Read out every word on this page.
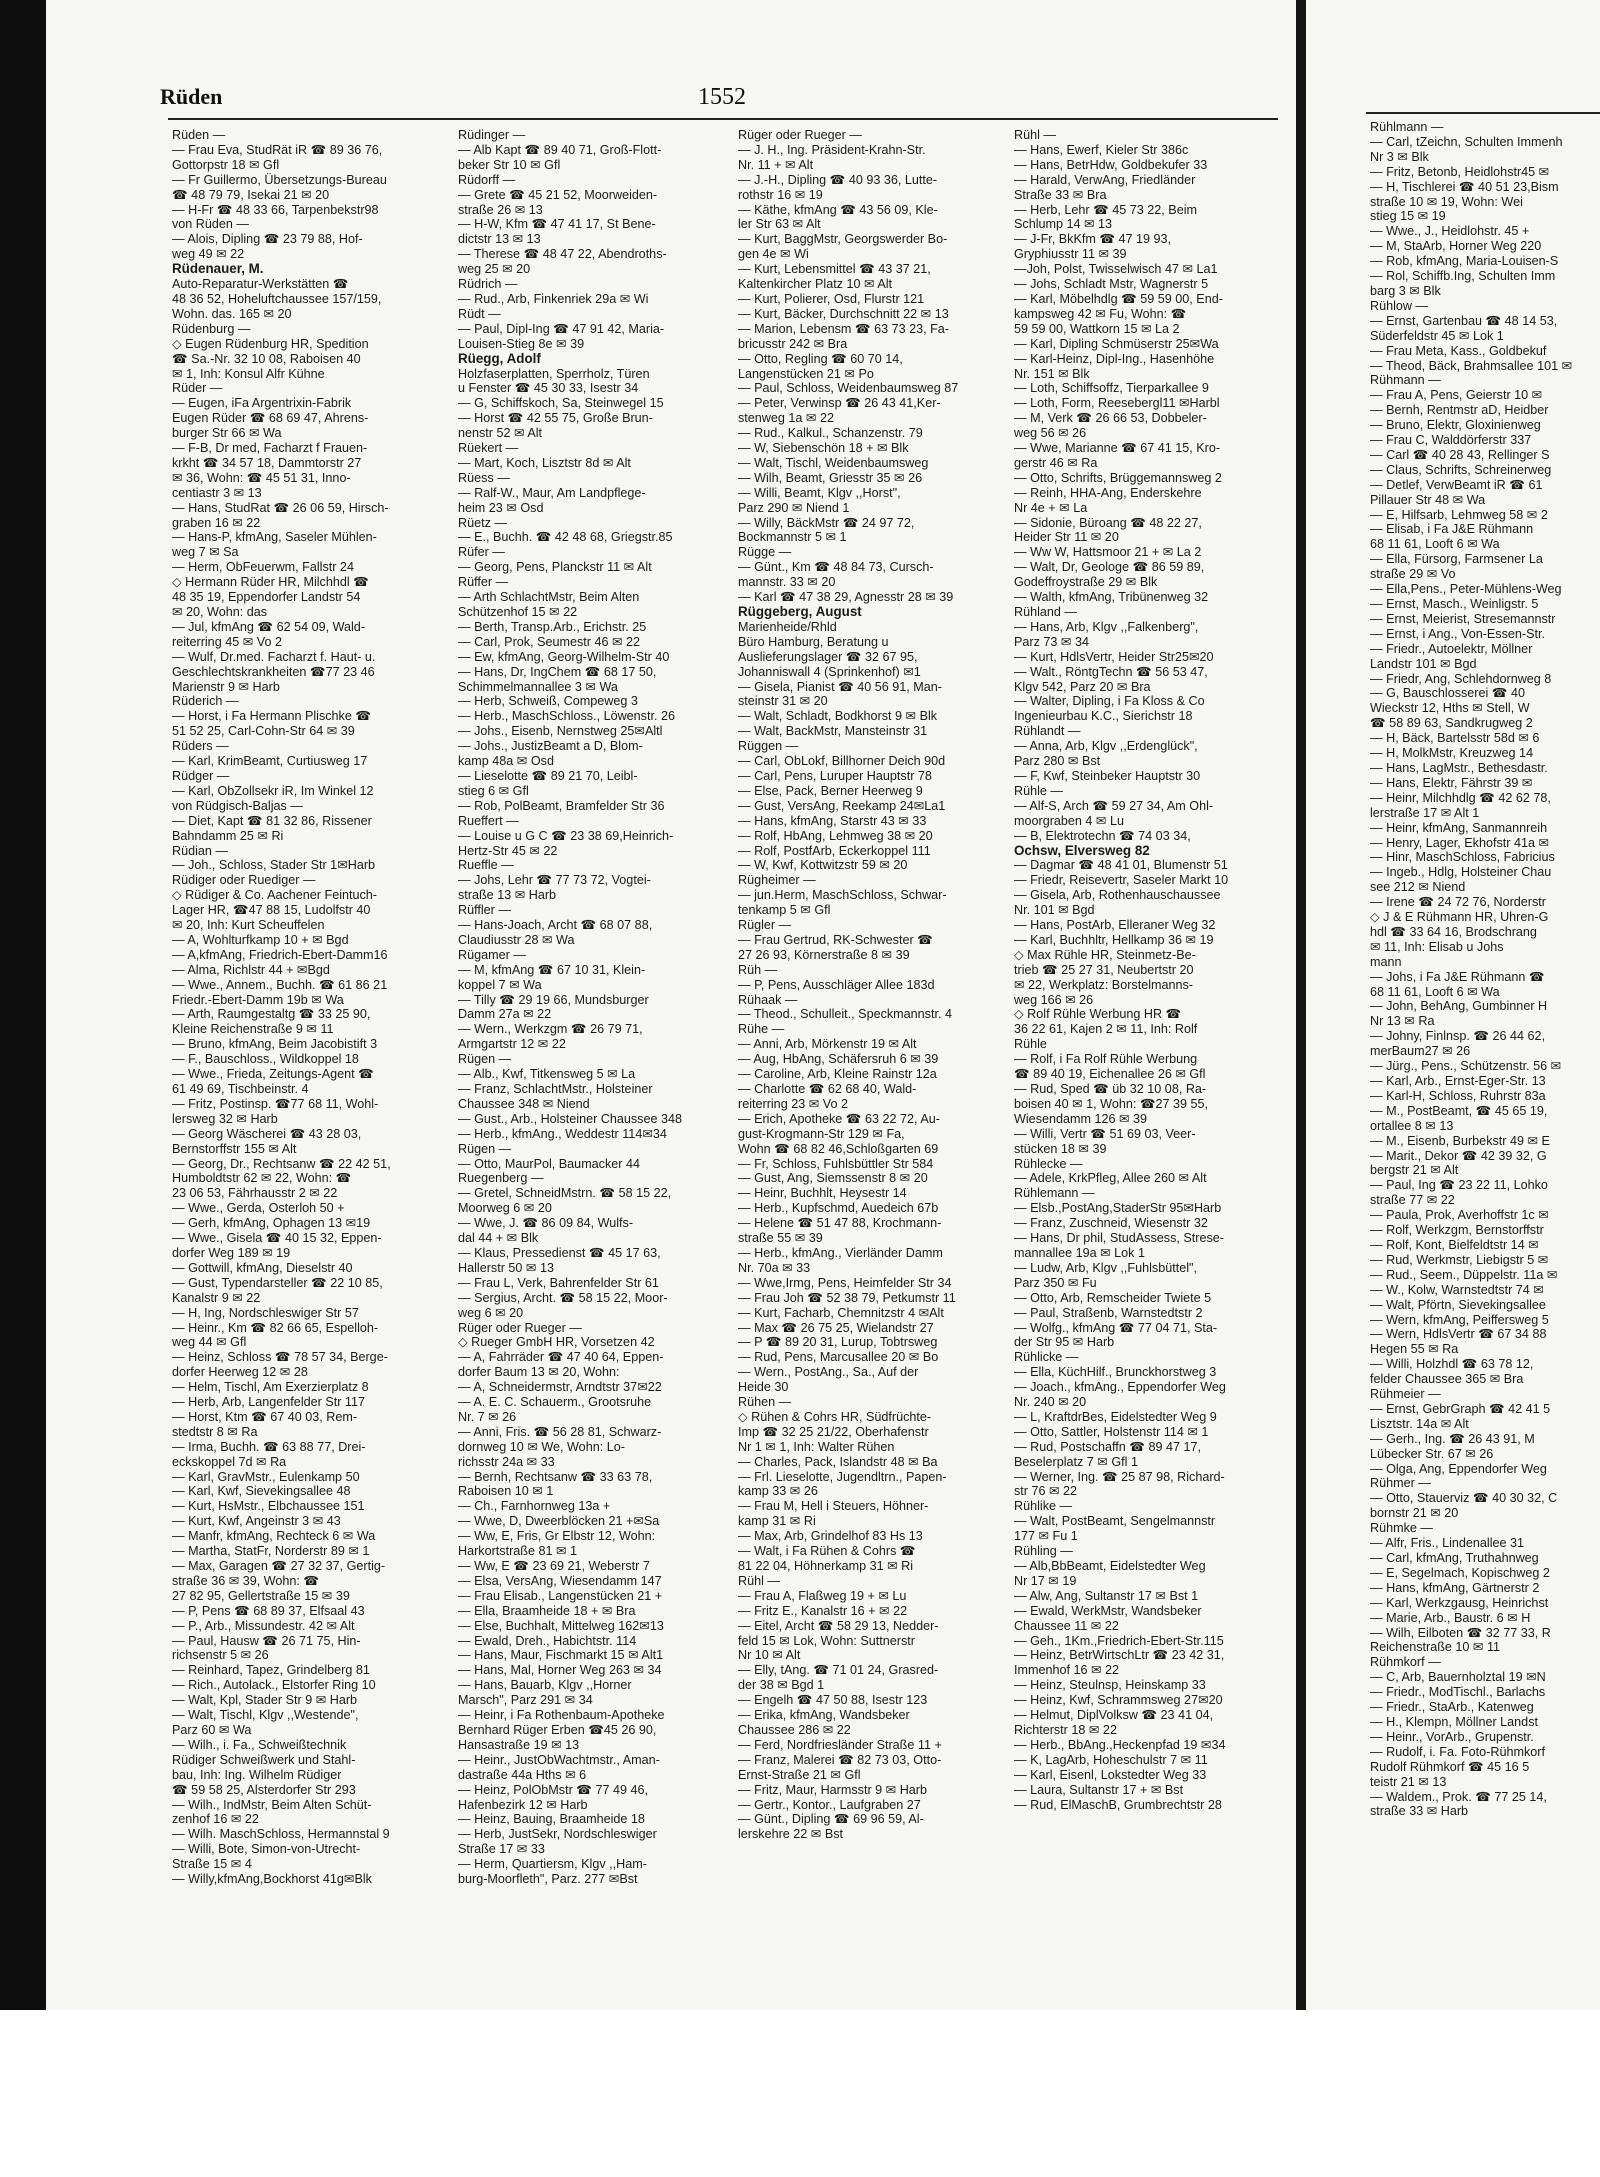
Rüden	1552
Rüden —
— Frau Eva, StudRät iR ☎ 89 36 76,
Gottorpstr 18 ✉ Gfl
— Fr Guillermo, Übersetzungs-Bureau
☎ 48 79 79, Isekai 21 ✉ 20
— H-Fr ☎ 48 33 66, Tarpenbekstr98
von Rüden —
— Alois, Dipling ☎ 23 79 88, Hof-
weg 49 ✉ 22
Rüdenauer, M.
Auto-Reparatur-Werkstätten ☎
48 36 52, Hoheluftchaussee 157/159,
Wohn. das. 165 ✉ 20
Rüdenburg —
◇ Eugen Rüdenburg HR, Spedition
☎ Sa.-Nr. 32 10 08, Raboisen 40
✉ 1, Inh: Konsul Alfr Kühne
Rüder —
— Eugen, iFa Argentrixin-Fabrik
Eugen Rüder ☎ 68 69 47, Ahrens-
burger Str 66 ✉ Wa
— F-B, Dr med, Facharzt f Frauen-
krkht ☎ 34 57 18, Dammtorstr 27
✉ 36, Wohn: ☎ 45 51 31, Inno-
centiastr 3 ✉ 13
— Hans, StudRat ☎ 26 06 59, Hirsch-
graben 16 ✉ 22
— Hans-P, kfmAng, Saseler Mühlen-
weg 7 ✉ Sa
— Herm, ObFeuerwm, Fallstr 24
◇ Hermann Rüder HR, Milchhdl ☎
48 35 19, Eppendorfer Landstr 54
✉ 20, Wohn: das
— Jul, kfmAng ☎ 62 54 09, Wald-
reiterring 45 ✉ Vo 2
— Wulf, Dr.med. Facharzt f. Haut- u.
Geschlechtskrankheiten ☎77 23 46
Marienstr 9 ✉ Harb
Rüderich —
— Horst, i Fa Hermann Plischke ☎
51 52 25, Carl-Cohn-Str 64 ✉ 39
Rüders —
— Karl, KrimBeamt, Curtiusweg 17
Rüdger —
— Karl, ObZollsekr iR, Im Winkel 12
von Rüdgisch-Baljas —
— Diet, Kapt ☎ 81 32 86, Rissener
Bahndamm 25 ✉ Ri
Rüdian —
— Joh., Schloss, Stader Str 1✉Harb
Rüdiger oder Ruediger —
◇ Rüdiger & Co. Aachener Feintuch-
Lager HR, ☎47 88 15, Ludolfstr 40
✉ 20, Inh: Kurt Scheuffelen
— A, Wohlturfkamp 10 + ✉ Bgd
— A,kfmAng, Friedrich-Ebert-Damm16
— Alma, Richlstr 44 + ✉Bgd
— Wwe., Annem., Buchh. ☎ 61 86 21
Friedr.-Ebert-Damm 19b ✉ Wa
— Arth, Raumgestaltg ☎ 33 25 90,
Kleine Reichenstraße 9 ✉ 11
— Bruno, kfmAng, Beim Jacobistift 3
— F., Bauschloss., Wildkoppel 18
— Wwe., Frieda, Zeitungs-Agent ☎
61 49 69, Tischbeinstr. 4
— Fritz, Postinsp. ☎77 68 11, Wohl-
lersweg 32 ✉ Harb
— Georg Wäscherei ☎ 43 28 03,
Bernstorffstr 155 ✉ Alt
— Georg, Dr., Rechtsanw ☎ 22 42 51,
Humboldtstr 62 ✉ 22, Wohn: ☎
23 06 53, Fährhausstr 2 ✉ 22
— Wwe., Gerda, Osterloh 50 +
— Gerh, kfmAng, Ophagen 13 ✉19
— Wwe., Gisela ☎ 40 15 32, Eppen-
dorfer Weg 189 ✉ 19
— Gottwill, kfmAng, Dieselstr 40
— Gust, Typendarsteller ☎ 22 10 85,
Kanalstr 9 ✉ 22
— H, Ing, Nordschleswiger Str 57
— Heinr., Km ☎ 82 66 65, Espelloh-
weg 44 ✉ Gfl
— Heinz, Schloss ☎ 78 57 34, Berge-
dorfer Heerweg 12 ✉ 28
— Helm, Tischl, Am Exerzierplatz 8
— Herb, Arb, Langenfelder Str 117
— Horst, Ktm ☎ 67 40 03, Rem-
stedtstr 8 ✉ Ra
— Irma, Buchh. ☎ 63 88 77, Drei-
eckskoppel 7d ✉ Ra
— Karl, GravMstr., Eulenkamp 50
— Karl, Kwf, Sievekingsallee 48
— Kurt, HsMstr., Elbchaussee 151
— Kurt, Kwf, Angeinstr 3 ✉ 43
— Manfr, kfmAng, Rechteck 6 ✉ Wa
— Martha, StatFr, Norderstr 89 ✉ 1
— Max, Garagen ☎ 27 32 37, Gertig-
straße 36 ✉ 39, Wohn: ☎
27 82 95, Gellertstraße 15 ✉ 39
— P, Pens ☎ 68 89 37, Elfsaal 43
— P., Arb., Missundestr. 42 ✉ Alt
— Paul, Hausw ☎ 26 71 75, Hin-
richsenstr 5 ✉ 26
— Reinhard, Tapez, Grindelberg 81
— Rich., Autolack., Elstorfer Ring 10
— Walt, Kpl, Stader Str 9 ✉ Harb
— Walt, Tischl, Klgv ,,Westende",
Parz 60 ✉ Wa
— Wilh., i. Fa., Schweißtechnik
Rüdiger Schweißwerk und Stahl-
bau, Inh: Ing. Wilhelm Rüdiger
☎ 59 58 25, Alsterdorfer Str 293
— Wilh., IndMstr, Beim Alten Schüt-
zenhof 16 ✉ 22
— Wilh. MaschSchloss, Hermannstal 9
— Willi, Bote, Simon-von-Utrecht-
Straße 15 ✉ 4
— Willy,kfmAng,Bockhorst 41g✉Blk
Rüdinger —
— Alb Kapt ☎ 89 40 71, Groß-Flott-
beker Str 10 ✉ Gfl
Rüdorff —
— Grete ☎ 45 21 52, Moorweiden-
straße 26 ✉ 13
— H-W, Kfm ☎ 47 41 17, St Bene-
dictstr 13 ✉ 13
— Therese ☎ 48 47 22, Abendroths-
weg 25 ✉ 20
Rüdrich —
— Rud., Arb, Finkenriek 29a ✉ Wi
Rüdt —
— Paul, Dipl-Ing ☎ 47 91 42, Maria-
Louisen-Stieg 8e ✉ 39
Rüegg, Adolf
Holzfaserplatten, Sperrholz, Türen
u Fenster ☎ 45 30 33, Isestr 34
— G, Schiffskoch, Sa, Steinwegel 15
— Horst ☎ 42 55 75, Große Brun-
nenstr 52 ✉ Alt
Rüekert —
— Mart, Koch, Lisztstr 8d ✉ Alt
Rüess —
— Ralf-W., Maur, Am Landpflege-
heim 23 ✉ Osd
Rüetz —
— E., Buchh. ☎ 42 48 68, Griegstr.85
Rüfer —
— Georg, Pens, Planckstr 11 ✉ Alt
Rüffer —
— Arth SchlachtMstr, Beim Alten
Schützenhof 15 ✉ 22
— Berth, Transp.Arb., Erichstr. 25
— Carl, Prok, Seumestr 46 ✉ 22
— Ew, kfmAng, Georg-Wilhelm-Str 40
— Hans, Dr, IngChem ☎ 68 17 50,
Schimmelmannallee 3 ✉ Wa
— Herb, Schweiß, Compeweg 3
— Herb., MaschSchloss., Löwenstr. 26
— Johs., Eisenb, Nernstweg 25✉Altl
— Johs., JustizBeamt a D, Blom-
kamp 48a ✉ Osd
— Lieselotte ☎ 89 21 70, Leibl-
stieg 6 ✉ Gfl
— Rob, PolBeamt, Bramfelder Str 36
Rueffert —
— Louise u G C ☎ 23 38 69,Heinrich-
Hertz-Str 45 ✉ 22
Rueffle —
— Johs, Lehr ☎ 77 73 72, Vogtei-
straße 13 ✉ Harb
Rüffler —
— Hans-Joach, Archt ☎ 68 07 88,
Claudiusstr 28 ✉ Wa
Rügamer —
— M, kfmAng ☎ 67 10 31, Klein-
koppel 7 ✉ Wa
— Tilly ☎ 29 19 66, Mundsburger
Damm 27a ✉ 22
— Wern., Werkzgm ☎ 26 79 71,
Armgartstr 12 ✉ 22
Rügen —
— Alb., Kwf, Titkensweg 5 ✉ La
— Franz, SchlachtMstr., Holsteiner
Chaussee 348 ✉ Niend
— Gust., Arb., Holsteiner Chaussee 348
— Herb., kfmAng., Weddestr 114✉34
Rügen —
— Otto, MaurPol, Baumacker 44
Ruegenberg —
— Gretel, SchneidMstrn. ☎ 58 15 22,
Moorweg 6 ✉ 20
— Wwe, J. ☎ 86 09 84, Wulfs-
dal 44 + ✉ Blk
— Klaus, Pressedienst ☎ 45 17 63,
Hallerstr 50 ✉ 13
— Frau L, Verk, Bahrenfelder Str 61
— Sergius, Archt. ☎ 58 15 22, Moor-
weg 6 ✉ 20
Rüger oder Rueger —
◇ Rueger GmbH HR, Vorsetzen 42
— A, Fahrräder ☎ 47 40 64, Eppen-
dorfer Baum 13 ✉ 20, Wohn:
— A, Schneidermstr, Arndtstr 37✉22
— A. E. C. Schauerm., Grootsruhe
Nr. 7 ✉ 26
— Anni, Fris. ☎ 56 28 81, Schwarz-
dornweg 10 ✉ We, Wohn: Lo-
richsstr 24a ✉ 33
— Bernh, Rechtsanw ☎ 33 63 78,
Raboisen 10 ✉ 1
— Ch., Farnhornweg 13a +
— Wwe, D, Dweerblöcken 21 +✉Sa
— Ww, E, Fris, Gr Elbstr 12, Wohn:
Harkortstraße 81 ✉ 1
— Ww, E ☎ 23 69 21, Weberstr 7
— Elsa, VersAng, Wiesendamm 147
— Frau Elisab., Langenstücken 21 +
— Ella, Braamheide 18 + ✉ Bra
— Else, Buchhalt, Mittelweg 162✉13
— Ewald, Dreh., Habichtstr. 114
— Hans, Maur, Fischmarkt 15 ✉ Alt1
— Hans, Mal, Horner Weg 263 ✉ 34
— Hans, Bauarb, Klgv ,,Horner
Marsch", Parz 291 ✉ 34
— Heinr, i Fa Rothenbaum-Apotheke
Bernhard Rüger Erben ☎45 26 90,
Hansastraße 19 ✉ 13
— Heinr., JustObWachtmstr., Aman-
dastraße 44a Hths ✉ 6
— Heinz, PolObMstr ☎ 77 49 46,
Hafenbezirk 12 ✉ Harb
— Heinz, Bauing, Braamheide 18
— Herb, JustSekr, Nordschleswiger
Straße 17 ✉ 33
— Herm, Quartiersm, Klgv ,,Ham-
burg-Moorfleth", Parz. 277 ✉Bst
Rüger oder Rueger —
— J. H., Ing. Präsident-Krahn-Str.
Nr. 11 + ✉ Alt
— J.-H., Dipling ☎ 40 93 36, Lutte-
rothstr 16 ✉ 19
— Käthe, kfmAng ☎ 43 56 09, Kle-
ler Str 63 ✉ Alt
— Kurt, BaggMstr, Georgswerder Bo-
gen 4e ✉ Wi
— Kurt, Lebensmittel ☎ 43 37 21,
Kaltenkircher Platz 10 ✉ Alt
— Kurt, Polierer, Osd, Flurstr 121
— Kurt, Bäcker, Durchschnitt 22 ✉ 13
— Marion, Lebensm ☎ 63 73 23, Fa-
bricusstr 242 ✉ Bra
— Otto, Regling ☎ 60 70 14,
Langenstücken 21 ✉ Po
— Paul, Schloss, Weidenbaumsweg 87
— Peter, Verwinsp ☎ 26 43 41,Ker-
stenweg 1a ✉ 22
— Rud., Kalkul., Schanzenstr. 79
— W, Siebenschön 18 + ✉ Blk
— Walt, Tischl, Weidenbaumsweg
— Wilh, Beamt, Griesstr 35 ✉ 26
— Willi, Beamt, Klgv ,,Horst",
Parz 290 ✉ Niend 1
— Willy, BäckMstr ☎ 24 97 72,
Bockmannstr 5 ✉ 1
Rügge —
— Günt., Km ☎ 48 84 73, Cursch-
mannstr. 33 ✉ 20
— Karl ☎ 47 38 29, Agnesstr 28 ✉ 39
Rüggeberg, August
Marienheide/Rhld
Büro Hamburg, Beratung u
Auslieferungslager ☎ 32 67 95,
Johanniswall 4 (Sprinkenhof) ✉1
— Gisela, Pianist ☎ 40 56 91, Man-
steinstr 31 ✉ 20
— Walt, Schladt, Bodkhorst 9 ✉ Blk
— Walt, BackMstr, Mansteinstr 31
Rüggen —
— Carl, ObLokf, Billhorner Deich 90d
— Carl, Pens, Luruper Hauptstr 78
— Else, Pack, Berner Heerweg 9
— Gust, VersAng, Reekamp 24✉La1
— Hans, kfmAng, Starstr 43 ✉ 33
— Rolf, HbAng, Lehmweg 38 ✉ 20
— Rolf, PostfArb, Eckerkoppel 111
— W, Kwf, Kottwitzstr 59 ✉ 20
Rügheimer —
— jun.Herm, MaschSchloss, Schwar-
tenkamp 5 ✉ Gfl
Rügler —
— Frau Gertrud, RK-Schwester ☎
27 26 93, Körnerstraße 8 ✉ 39
Rüh —
— P, Pens, Ausschläger Allee 183d
Rühaak —
— Theod., Schulleit., Speckmannstr. 4
Rühe —
— Anni, Arb, Mörkenstr 19 ✉ Alt
— Aug, HbAng, Schäfersruh 6 ✉ 39
— Caroline, Arb, Kleine Rainstr 12a
— Charlotte ☎ 62 68 40, Wald-
reiterring 23 ✉ Vo 2
— Erich, Apotheke ☎ 63 22 72, Au-
gust-Krogmann-Str 129 ✉ Fa,
Wohn ☎ 68 82 46,Schloßgarten 69
— Fr, Schloss, Fuhlsbüttler Str 584
— Gust, Ang, Siemssenstr 8 ✉ 20
— Heinr, Buchhlt, Heysestr 14
— Herb., Kupfschmd, Auedeich 67b
— Helene ☎ 51 47 88, Krochmann-
straße 55 ✉ 39
— Herb., kfmAng., Vierländer Damm
Nr. 70a ✉ 33
— Wwe,Irmg, Pens, Heimfelder Str 34
— Frau Joh ☎ 52 38 79, Petkumstr 11
— Kurt, Facharb, Chemnitzstr 4 ✉Alt
— Max ☎ 26 75 25, Wielandstr 27
— P ☎ 89 20 31, Lurup, Tobtrsweg
— Rud, Pens, Marcusallee 20 ✉ Bo
— Wern., PostAng., Sa., Auf der
Heide 30
Rühen —
◇ Rühen & Cohrs HR, Südfrüchte-
Imp ☎ 32 25 21/22, Oberhafenstr
Nr 1 ✉ 1, Inh: Walter Rühen
— Charles, Pack, Islandstr 48 ✉ Ba
— Frl. Lieselotte, Jugendltrn., Papen-
kamp 33 ✉ 26
— Frau M, Hell i Steuers, Höhner-
kamp 31 ✉ Ri
— Max, Arb, Grindelhof 83 Hs 13
— Walt, i Fa Rühen & Cohrs ☎
81 22 04, Höhnerkamp 31 ✉ Ri
Rühl —
— Frau A, Flaßweg 19 + ✉ Lu
— Fritz E., Kanalstr 16 + ✉ 22
— Eitel, Archt ☎ 58 29 13, Nedder-
feld 15 ✉ Lok, Wohn: Suttnerstr
Nr 10 ✉ Alt
— Elly, tAng. ☎ 71 01 24, Grasred-
der 38 ✉ Bgd 1
— Engelh ☎ 47 50 88, Isestr 123
— Erika, kfmAng, Wandsbeker
Chaussee 286 ✉ 22
— Ferd, Nordfriesländer Straße 11 +
— Franz, Malerei ☎ 82 73 03, Otto-
Ernst-Straße 21 ✉ Gfl
— Fritz, Maur, Harmsstr 9 ✉ Harb
— Gertr., Kontor., Laufgraben 27
— Günt., Dipling ☎ 69 96 59, Al-
lerskehre 22 ✉ Bst
Rühl —
— Hans, Ewerf, Kieler Str 386c
— Hans, BetrHdw, Goldbekufer 33
— Harald, VerwAng, Friedländer
Straße 33 ✉ Bra
— Herb, Lehr ☎ 45 73 22, Beim
Schlump 14 ✉ 13
— J-Fr, BkKfm ☎ 47 19 93,
Gryphiusstr 11 ✉ 39
—Joh, Polst, Twisselwisch 47 ✉ La1
— Johs, Schladt Mstr, Wagnerstr 5
— Karl, Möbelhdlg ☎ 59 59 00, End-
kampsweg 42 ✉ Fu, Wohn: ☎
59 59 00, Wattkorn 15 ✉ La 2
— Karl, Dipling Schmüserstr 25✉Wa
— Karl-Heinz, Dipl-Ing., Hasenhöhe
Nr. 151 ✉ Blk
— Loth, Schiffsoffz, Tierparkallee 9
— Loth, Form, Reesebergl11 ✉Harbl
— M, Verk ☎ 26 66 53, Dobbeler-
weg 56 ✉ 26
— Wwe, Marianne ☎ 67 41 15, Kro-
gerstr 46 ✉ Ra
— Otto, Schrifts, Brüggemannsweg 2
— Reinh, HHA-Ang, Enderskehre
Nr 4e + ✉ La
— Sidonie, Büroang ☎ 48 22 27,
Heider Str 11 ✉ 20
— Ww W, Hattsmoor 21 + ✉ La 2
— Walt, Dr, Geologe ☎ 86 59 89,
Godeffroystraße 29 ✉ Blk
— Walth, kfmAng, Tribünenweg 32
Rühland —
— Hans, Arb, Klgv ,,Falkenberg",
Parz 73 ✉ 34
— Kurt, HdlsVertr, Heider Str25✉20
— Walt., RöntgTechn ☎ 56 53 47,
Klgv 542, Parz 20 ✉ Bra
— Walter, Dipling, i Fa Kloss & Co
Ingenieurbau K.C., Sierichstr 18
Rühlandt —
— Anna, Arb, Klgv ,,Erdenglück",
Parz 280 ✉ Bst
— F, Kwf, Steinbeker Hauptstr 30
Rühle —
— Alf-S, Arch ☎ 59 27 34, Am Ohl-
moorgraben 4 ✉ Lu
— B, Elektrotechn ☎ 74 03 34,
Ochsw, Elversweg 82
— Dagmar ☎ 48 41 01, Blumenstr 51
— Friedr, Reisevertr, Saseler Markt 10
— Gisela, Arb, Rothenhauschaussee
Nr. 101 ✉ Bgd
— Hans, PostArb, Elleraner Weg 32
— Karl, Buchhltr, Hellkamp 36 ✉ 19
◇ Max Rühle HR, Steinmetz-Be-
trieb ☎ 25 27 31, Neubertstr 20
✉ 22, Werkplatz: Borstelmanns-
weg 166 ✉ 26
◇ Rolf Rühle Werbung HR ☎
36 22 61, Kajen 2 ✉ 11, Inh: Rolf
Rühle
— Rolf, i Fa Rolf Rühle Werbung
☎ 89 40 19, Eichenallee 26 ✉ Gfl
— Rud, Sped ☎ üb 32 10 08, Ra-
boisen 40 ✉ 1, Wohn: ☎27 39 55,
Wiesendamm 126 ✉ 39
— Willi, Vertr ☎ 51 69 03, Veer-
stücken 18 ✉ 39
Rühlecke —
— Adele, KrkPfleg, Allee 260 ✉ Alt
Rühlemann —
— Elsb.,PostAng,StaderStr 95✉Harb
— Franz, Zuschneid, Wiesenstr 32
— Hans, Dr phil, StudAssess, Strese-
mannallee 19a ✉ Lok 1
— Ludw, Arb, Klgv ,,Fuhlsbüttel",
Parz 350 ✉ Fu
— Otto, Arb, Remscheider Twiete 5
— Paul, Straßenb, Warnstedtstr 2
— Wolfg., kfmAng ☎ 77 04 71, Sta-
der Str 95 ✉ Harb
Rühlicke —
— Ella, KüchHilf., Brunckhorstweg 3
— Joach., kfmAng., Eppendorfer Weg
Nr. 240 ✉ 20
— L, KraftdrBes, Eidelstedter Weg 9
— Otto, Sattler, Holstenstr 114 ✉ 1
— Rud, Postschaffn ☎ 89 47 17,
Beselerplatz 7 ✉ Gfl 1
— Werner, Ing. ☎ 25 87 98, Richard-
str 76 ✉ 22
Rühlike —
— Walt, PostBeamt, Sengelmannstr
177 ✉ Fu 1
Rühling —
— Alb,BbBeamt, Eidelstedter Weg
Nr 17 ✉ 19
— Alw, Ang, Sultanstr 17 ✉ Bst 1
— Ewald, WerkMstr, Wandsbeker
Chaussee 11 ✉ 22
— Geh., 1Km.,Friedrich-Ebert-Str.115
— Heinz, BetrWirtschLtr ☎ 23 42 31,
Immenhof 16 ✉ 22
— Heinz, Steulnsp, Heinskamp 33
— Heinz, Kwf, Schrammsweg 27✉20
— Helmut, DiplVolksw ☎ 23 41 04,
Richterstr 18 ✉ 22
— Herb., BbAng.,Heckenpfad 19 ✉34
— K, LagArb, Hoheschulstr 7 ✉ 11
— Karl, Eisenl, Lokstedter Weg 33
— Laura, Sultanstr 17 + ✉ Bst
— Rud, ElMaschB, Grumbrechtstr 28
Rühlmann —
— Carl, tZeichn, Schulten Immenh
Nr 3 ✉ Blk
— Fritz, Betonb, Heidlohstr45 ✉
— H, Tischlerei ☎ 40 51 23,Bism
straße 10 ✉ 19, Wohn: Wei
stieg 15 ✉ 19
— Wwe., J., Heidlohstr. 45 +
— M, StaArb, Horner Weg 220
— Rob, kfmAng, Maria-Louisen-S
— Rol, Schiffb.Ing, Schulten Imm
barg 3 ✉ Blk
Rühlow —
— Ernst, Gartenbau ☎ 48 14 53,
Süderfeldstr 45 ✉ Lok 1
— Frau Meta, Kass., Goldbekuf
— Theod, Bäck, Brahmsallee 101 ✉
Rühmann —
— Frau A, Pens, Geierstr 10 ✉
— Bernh, Rentmstr aD, Heidber
— Bruno, Elektr, Gloxinienweg
— Frau C, Walddörferstr 337
— Carl ☎ 40 28 43, Rellinger S
— Claus, Schrifts, Schreinerweg
— Detlef, VerwBeamt iR ☎ 61
Pillauer Str 48 ✉ Wa
— E, Hilfsarb, Lehmweg 58 ✉ 2
— Elisab, i Fa J&E Rühmann
68 11 61, Looft 6 ✉ Wa
— Ella, Fürsorg, Farmsener La
straße 29 ✉ Vo
— Ella,Pens., Peter-Mühlens-Weg
— Ernst, Masch., Weinligstr. 5
— Ernst, Meierist, Stresemannstr
— Ernst, i Ang., Von-Essen-Str.
— Friedr., Autoelektr, Möllner
Landstr 101 ✉ Bgd
— Friedr, Ang, Schlehdornweg 8
— G, Bauschlosserei ☎ 40
Wieckstr 12, Hths ✉ Stell, W
☎ 58 89 63, Sandkrugweg 2
— H, Bäck, Bartelsstr 58d ✉ 6
— H, MolkMstr, Kreuzweg 14
— Hans, LagMstr., Bethesdastr.
— Hans, Elektr, Fährstr 39 ✉
— Heinr, Milchhdlg ☎ 42 62 78,
lerstraße 17 ✉ Alt 1
— Heinr, kfmAng, Sanmannreih
— Henry, Lager, Ekhofstr 41a ✉
— Hinr, MaschSchloss, Fabricius
— Ingeb., Hdlg, Holsteiner Chau
see 212 ✉ Niend
— Irene ☎ 24 72 76, Norderstr
◇ J & E Rühmann HR, Uhren-G
hdl ☎ 33 64 16, Brodschrang
✉ 11, Inh: Elisab u Johs
mann
— Johs, i Fa J&E Rühmann ☎
68 11 61, Looft 6 ✉ Wa
— John, BehAng, Gumbinner H
Nr 13 ✉ Ra
— Johny, Finlnsp. ☎ 26 44 62,
merBaum27 ✉ 26
— Jürg., Pens., Schützenstr. 56 ✉
— Karl, Arb., Ernst-Eger-Str. 13
— Karl-H, Schloss, Ruhrstr 83a
— M., PostBeamt, ☎ 45 65 19,
ortallee 8 ✉ 13
— M., Eisenb, Burbekstr 49 ✉ E
— Marit., Dekor ☎ 42 39 32, G
bergstr 21 ✉ Alt
— Paul, Ing ☎ 23 22 11, Lohko
straße 77 ✉ 22
— Paula, Prok, Averhoffstr 1c ✉
— Rolf, Werkzgm, Bernstorffstr
— Rolf, Kont, Bielfeldtstr 14 ✉
— Rud, Werkmstr, Liebigstr 5 ✉
— Rud., Seem., Düppelstr. 11a ✉
— W., Kolw, Warnstedtstr 74 ✉
— Walt, Pförtn, Sievekingsallee
— Wern, kfmAng, Peiffersweg 5
— Wern, HdlsVertr ☎ 67 34 88
Hegen 55 ✉ Ra
— Willi, Holzhdl ☎ 63 78 12,
felder Chaussee 365 ✉ Bra
Rühmeier —
— Ernst, GebrGraph ☎ 42 41 5
Lisztstr. 14a ✉ Alt
— Gerh., Ing. ☎ 26 43 91, M
Lübecker Str. 67 ✉ 26
— Olga, Ang, Eppendorfer Weg
Rühmer —
— Otto, Stauerviz ☎ 40 30 32, C
bornstr 21 ✉ 20
Rühmke —
— Alfr, Fris., Lindenallee 31
— Carl, kfmAng, Truthahnweg
— E, Segelmach, Kopischweg 2
— Hans, kfmAng, Gärtnerstr 2
— Karl, Werkzgausg, Heinrichst
— Marie, Arb., Baustr. 6 ✉ H
— Wilh, Eilboten ☎ 32 77 33, R
Reichenstraße 10 ✉ 11
Rühmkorf —
— C, Arb, Bauernholztal 19 ✉N
— Friedr., ModTischl., Barlachs
— Friedr., StaArb., Katenweg
— H., Klempn, Möllner Landst
— Heinr., VorArb., Grupenstr.
— Rudolf, i. Fa. Foto-Rühmkorf
Rudolf Rühmkorf ☎ 45 16 5
teistr 21 ✉ 13
— Waldem., Prok. ☎ 77 25 14,
straße 33 ✉ Harb
